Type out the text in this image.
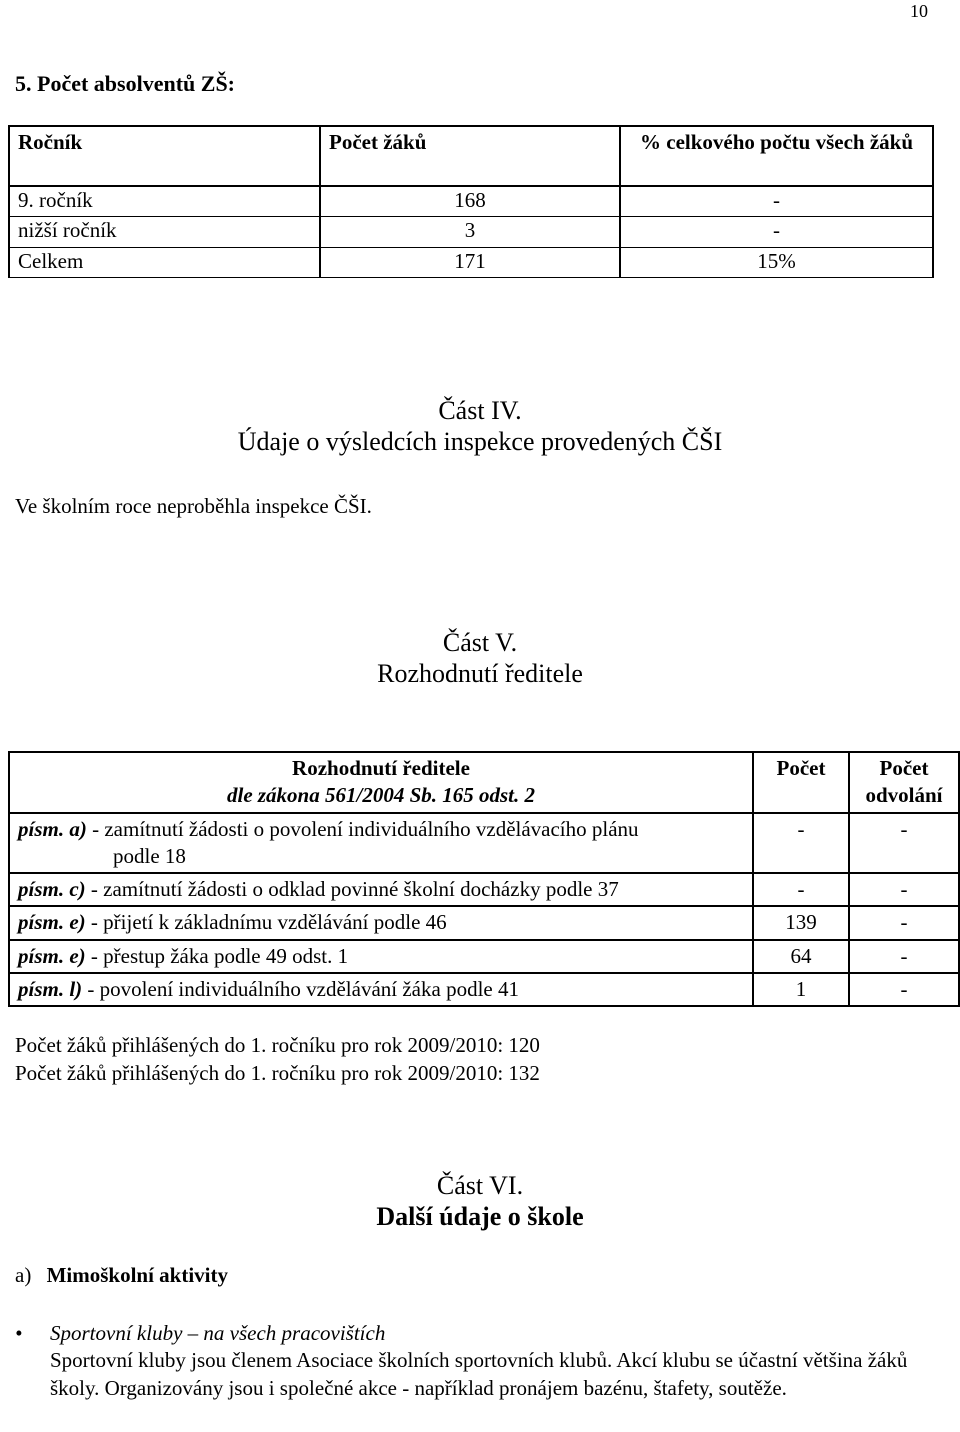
10
5. Počet absolventů ZŠ:
Ročník	Počet žáků	% celkového počtu všech žáků
9. ročník	168	-
nižší ročník	3	-
Celkem	171	15%
Část IV.
Údaje o výsledcích inspekce provedených ČŠI
Ve školním roce neproběhla inspekce ČŠI.
Část V.
Rozhodnutí ředitele
Rozhodnutí ředitele
dle zákona 561/2004 Sb. 165 odst. 2	Počet	Počet odvolání
písm. a) - zamítnutí žádosti o povolení individuálního vzdělávacího plánu
podle 18	-	-
písm. c) - zamítnutí žádosti o odklad povinné školní docházky podle 37	-	-
písm. e) - přijetí k základnímu vzdělávání podle 46	139	-
písm. e) - přestup žáka podle 49 odst. 1	64	-
písm. l) - povolení individuálního vzdělávání žáka podle 41	1	-
Počet žáků přihlášených do 1. ročníku pro rok 2009/2010: 120
Počet žáků přihlášených do 1. ročníku pro rok 2009/2010: 132
Část VI.
Další údaje o škole
a) Mimoškolní aktivity
• Sportovní kluby – na všech pracovištích
Sportovní kluby jsou členem Asociace školních sportovních klubů. Akcí klubu se účastní většina žáků školy. Organizovány jsou i společné akce - například pronájem bazénu, štafety, soutěže.
